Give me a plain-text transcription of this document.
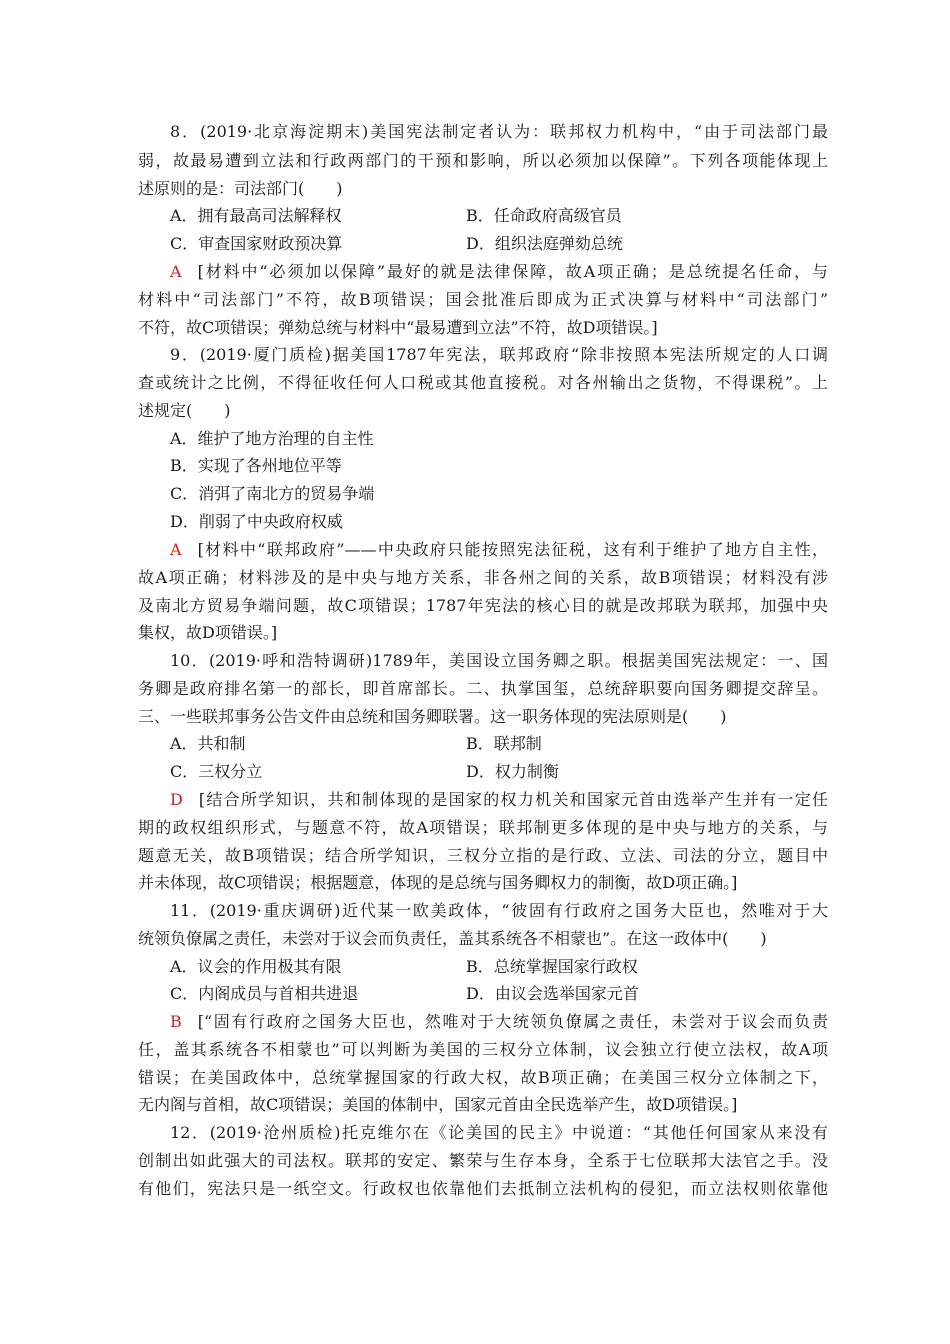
8．(2019·北京海淀期末)美国宪法制定者认为：联邦权力机构中，“由于司法部门最
弱，故最易遭到立法和行政两部门的干预和影响，所以必须加以保障”。下列各项能体现上
述原则的是：司法部门(　　)
A．拥有最高司法解释权	B．任命政府高级官员
C．审查国家财政预决算	D．组织法庭弹劾总统
A  [材料中“必须加以保障”最好的就是法律保障，故A项正确；是总统提名任命，与
材料中“司法部门”不符，故B项错误；国会批准后即成为正式决算与材料中“司法部门”
不符，故C项错误；弹劾总统与材料中“最易遭到立法”不符，故D项错误。]
9．(2019·厦门质检)据美国1787年宪法，联邦政府“除非按照本宪法所规定的人口调
查或统计之比例，不得征收任何人口税或其他直接税。对各州输出之货物，不得课税”。上
述规定(　　)
A．维护了地方治理的自主性
B．实现了各州地位平等
C．消弭了南北方的贸易争端
D．削弱了中央政府权威
A  [材料中“联邦政府”——中央政府只能按照宪法征税，这有利于维护了地方自主性，
故A项正确；材料涉及的是中央与地方关系，非各州之间的关系，故B项错误；材料没有涉
及南北方贸易争端问题，故C项错误；1787年宪法的核心目的就是改邦联为联邦，加强中央
集权，故D项错误。]
10．(2019·呼和浩特调研)1789年，美国设立国务卿之职。根据美国宪法规定：一、国
务卿是政府排名第一的部长，即首席部长。二、执掌国玺，总统辞职要向国务卿提交辞呈。
三、一些联邦事务公告文件由总统和国务卿联署。这一职务体现的宪法原则是(　　)
A．共和制	B．联邦制
C．三权分立	D．权力制衡
D  [结合所学知识，共和制体现的是国家的权力机关和国家元首由选举产生并有一定任
期的政权组织形式，与题意不符，故A项错误；联邦制更多体现的是中央与地方的关系，与
题意无关，故B项错误；结合所学知识，三权分立指的是行政、立法、司法的分立，题目中
并未体现，故C项错误；根据题意，体现的是总统与国务卿权力的制衡，故D项正确。]
11．(2019·重庆调研)近代某一欧美政体，“彼固有行政府之国务大臣也，然唯对于大
统领负僚属之责任，未尝对于议会而负责任，盖其系统各不相蒙也”。在这一政体中(　　)
A．议会的作用极其有限	B．总统掌握国家行政权
C．内阁成员与首相共进退	D．由议会选举国家元首
B  [“固有行政府之国务大臣也，然唯对于大统领负僚属之责任，未尝对于议会而负责
任，盖其系统各不相蒙也”可以判断为美国的三权分立体制，议会独立行使立法权，故A项
错误；在美国政体中，总统掌握国家的行政大权，故B项正确；在美国三权分立体制之下，
无内阁与首相，故C项错误；美国的体制中，国家元首由全民选举产生，故D项错误。]
12．(2019·沧州质检)托克维尔在《论美国的民主》中说道：“其他任何国家从来没有
创制出如此强大的司法权。联邦的安定、繁荣与生存本身，全系于七位联邦大法官之手。没
有他们，宪法只是一纸空文。行政权也依靠他们去抵制立法机构的侵犯，而立法权则依靠他
